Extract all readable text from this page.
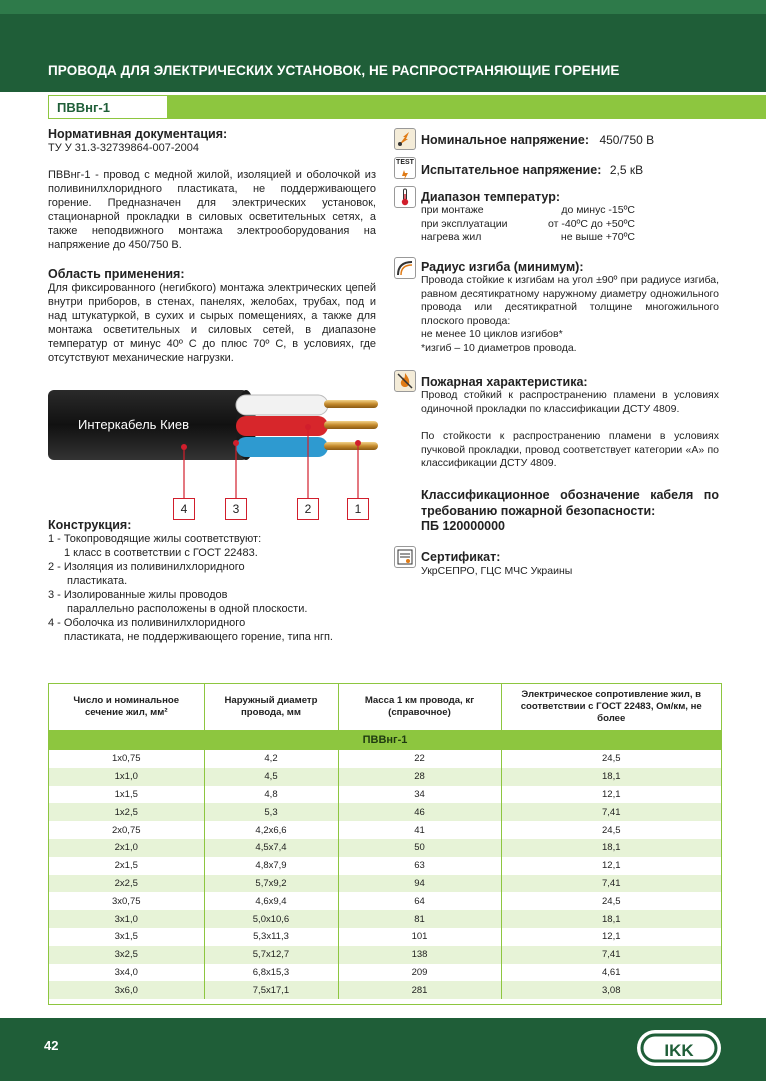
ПРОВОДА ДЛЯ ЭЛЕКТРИЧЕСКИХ УСТАНОВОК, НЕ РАСПРОСТРАНЯЮЩИЕ ГОРЕНИЕ
ПВВнг-1
Нормативная документация:
ТУ У 31.3-32739864-007-2004
ПВВнг-1 - провод с медной жилой, изоляцией и оболочкой из поливинилхлоридного пластиката, не поддерживающего горение. Предназначен для электрических установок, стационарной прокладки в силовых осветительных сетях, а также неподвижного монтажа электрооборудования на напряжение до 450/750 В.
Область применения:
Для фиксированного (негибкого) монтажа электрических цепей внутри приборов, в стенах, панелях, желобах, трубах, под и над штукатуркой, в сухих и сырых помещениях, а также для монтажа осветительных и силовых сетей, в диапазоне температур от минус 40º С до плюс 70º С, в условиях, где отсутствуют механические нагрузки.
Интеркабель Киев
4	3	2	1
Конструкция:
1 - Токопроводящие жилы соответствуют:
1 класс в соответствии с ГОСТ 22483.
2 - Изоляция из поливинилхлоридного
пластиката.
3 - Изолированные жилы проводов
параллельно расположены в одной плоскости.
4 - Оболочка из поливинилхлоридного
пластиката, не поддерживающего горение, типа нгп.
Номинальное напряжение: 450/750 В
TEST
Испытательное напряжение: 2,5 кВ
Диапазон температур:
при монтаже	до минус -15ºС
при эксплуатации	от -40ºС до +50ºС
нагрева жил	не выше +70ºС
Радиус изгиба (минимум):
Провода стойкие к изгибам на угол ±90º при радиусе изгиба, равном десятикратному наружному диаметру одножильного провода или десятикратной толщине многожильного плоского провода:
не менее 10 циклов изгибов*
*изгиб – 10 диаметров провода.
Пожарная характеристика:
Провод стойкий к распространению пламени в условиях одиночной прокладки по классификации ДСТУ 4809.
По стойкости к распространению пламени в условиях пучковой прокладки, провод соответствует категории «А» по классификации ДСТУ 4809.
Классификационное обозначение кабеля по требованию пожарной безопасности:
ПБ 120000000
Сертификат:
УкрСЕПРО, ГЦС МЧС Украины
Число и номинальное сечение жил, мм²	Наружный диаметр провода, мм	Масса 1 км провода, кг (справочное)	Электрическое сопротивление жил, в соответствии с ГОСТ 22483, Ом/км, не более
ПВВнг-1			
1х0,75	4,2	22	24,5
1х1,0	4,5	28	18,1
1х1,5	4,8	34	12,1
1х2,5	5,3	46	7,41
2х0,75	4,2х6,6	41	24,5
2х1,0	4,5х7,4	50	18,1
2х1,5	4,8х7,9	63	12,1
2х2,5	5,7х9,2	94	7,41
3х0,75	4,6х9,4	64	24,5
3х1,0	5,0х10,6	81	18,1
3х1,5	5,3х11,3	101	12,1
3х2,5	5,7х12,7	138	7,41
3х4,0	6,8х15,3	209	4,61
3х6,0	7,5х17,1	281	3,08
42	IKK
